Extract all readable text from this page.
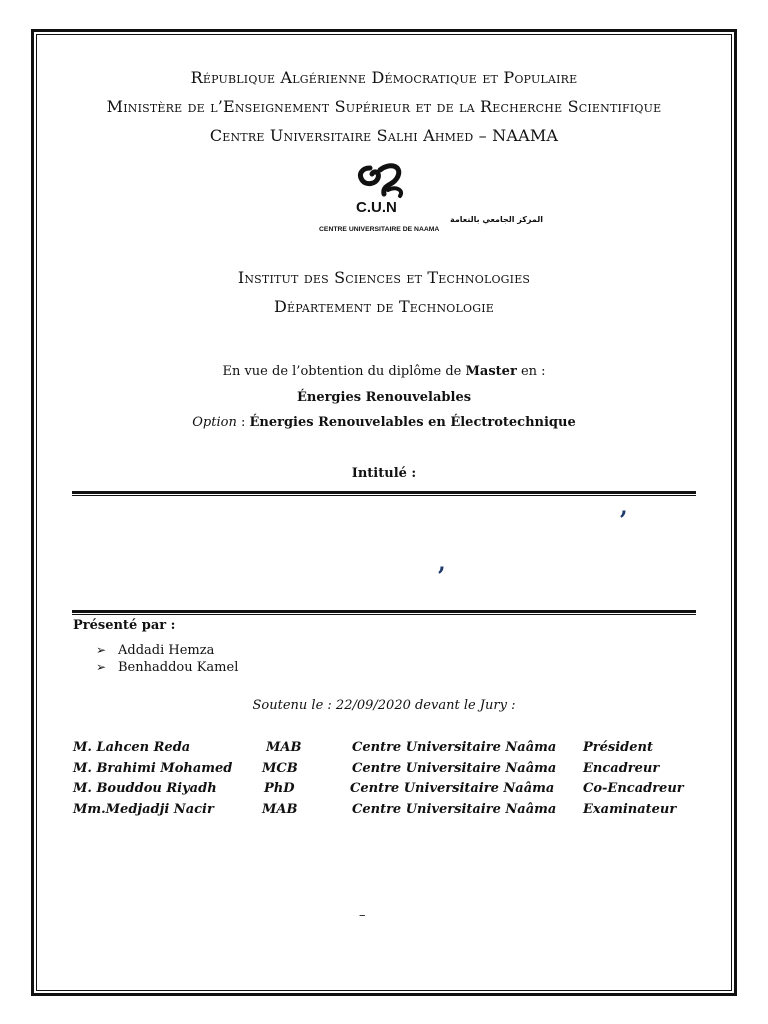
République Algérienne Démocratique et Populaire
Ministère de l’Enseignement Supérieur et de la Recherche Scientifique
Centre Universitaire Salhi Ahmed – NAAMA
C.U.N
المركز الجامعي بالنعامة
CENTRE UNIVERSITAIRE DE NAAMA
Institut des Sciences et Technologies
Département de Technologie
En vue de l’obtention du diplôme de Master en :
Énergies Renouvelables
Option : Énergies Renouvelables en Électrotechnique
Intitulé :
,
,
Présenté par :
➢ Addadi Hemza
➢ Benhaddou Kamel
Soutenu le : 22/09/2020 devant le Jury :
M. Lahcen Reda	MAB	Centre Universitaire Naâma Président
M. Brahimi Mohamed MCB	Centre Universitaire Naâma Encadreur
M. Bouddou Riyadh	PhD	Centre Universitaire Naâma Co-Encadreur
Mm.Medjadji Nacir	MAB	Centre Universitaire Naâma Examinateur
–
